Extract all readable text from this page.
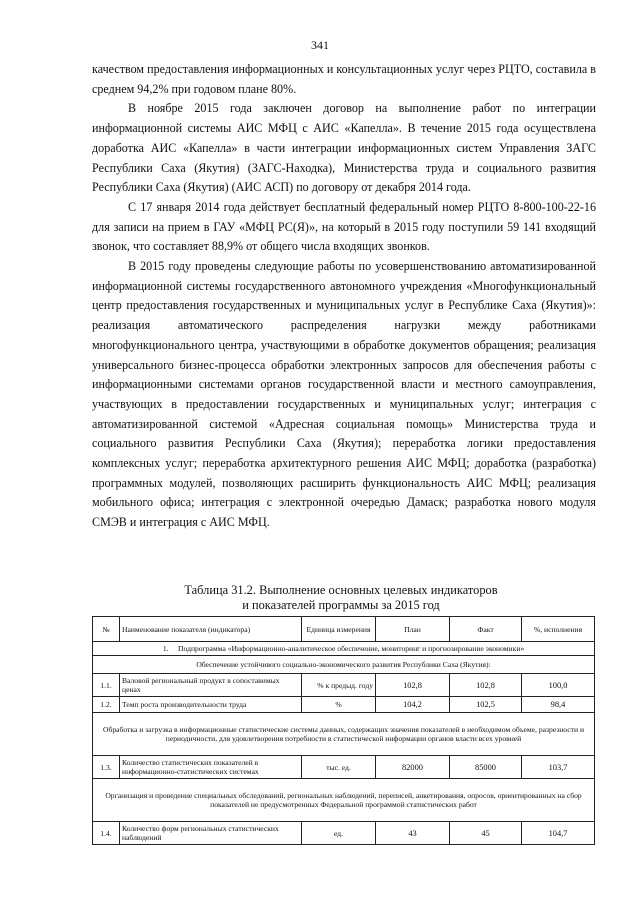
341

качеством предоставления информационных и консультационных услуг через РЦТО, составила в среднем 94,2% при годовом плане 80%.

В ноябре 2015 года заключен договор на выполнение работ по интеграции информационной системы АИС МФЦ с АИС «Капелла». В течение 2015 года осуществлена доработка АИС «Капелла» в части интеграции информационных систем Управления ЗАГС Республики Саха (Якутия) (ЗАГС-Находка), Министерства труда и социального развития Республики Саха (Якутия) (АИС АСП) по договору от декабря 2014 года.

С 17 января 2014 года действует бесплатный федеральный номер РЦТО 8-800-100-22-16 для записи на прием в ГАУ «МФЦ РС(Я)», на который в 2015 году поступили 59 141 входящий звонок, что составляет 88,9% от общего числа входящих звонков.

В 2015 году проведены следующие работы по усовершенствованию автоматизированной информационной системы государственного автономного учреждения «Многофункциональный центр предоставления государственных и муниципальных услуг в Республике Саха (Якутия)»: реализация автоматического распределения нагрузки между работниками многофункционального центра, участвующими в обработке документов обращения; реализация универсального бизнес-процесса обработки электронных запросов для обеспечения работы с информационными системами органов государственной власти и местного самоуправления, участвующих в предоставлении государственных и муниципальных услуг; интеграция с автоматизированной системой «Адресная социальная помощь» Министерства труда и социального развития Республики Саха (Якутия); переработка логики предоставления комплексных услуг; переработка архитектурного решения АИС МФЦ; доработка (разработка) программных модулей, позволяющих расширить функциональность АИС МФЦ; реализация мобильного офиса; интеграция с электронной очередью Дамаск; разработка нового модуля СМЭВ и интеграция с АИС МФЦ.

Таблица 31.2. Выполнение основных целевых индикаторов
и показателей программы за 2015 год
№	Наименование показателя (индикатора)	Единица измерения	План	Факт	%, исполнения
1. Подпрограмма «Информационно-аналитическое обеспечение, мониторинг и прогнозирование экономики»					
Обеспечение устойчивого социально-экономического развития Республики Саха (Якутия):					
1.1.	Валовой региональный продукт в сопоставимых ценах	% к предыд. году	102,8	102,8	100,0
1.2.	Темп роста производительности труда	%	104,2	102,5	98,4
Обработка и загрузка в информационные статистические системы данных, содержащих значения показателей в необходимом объеме, разрезности и периодичности, для удовлетворения потребности в статистической информации органов власти всех уровней					
1.3.	Количество статистических показателей в информационно-статистических системах	тыс. ед.	82000	85000	103,7
Организация и проведение специальных обследований, региональных наблюдений, переписей, анкетирования, опросов, ориентированных на сбор показателей не предусмотренных Федеральной программой статистических работ					
1.4.	Количество форм региональных статистических наблюдений	ед.	43	45	104,7
